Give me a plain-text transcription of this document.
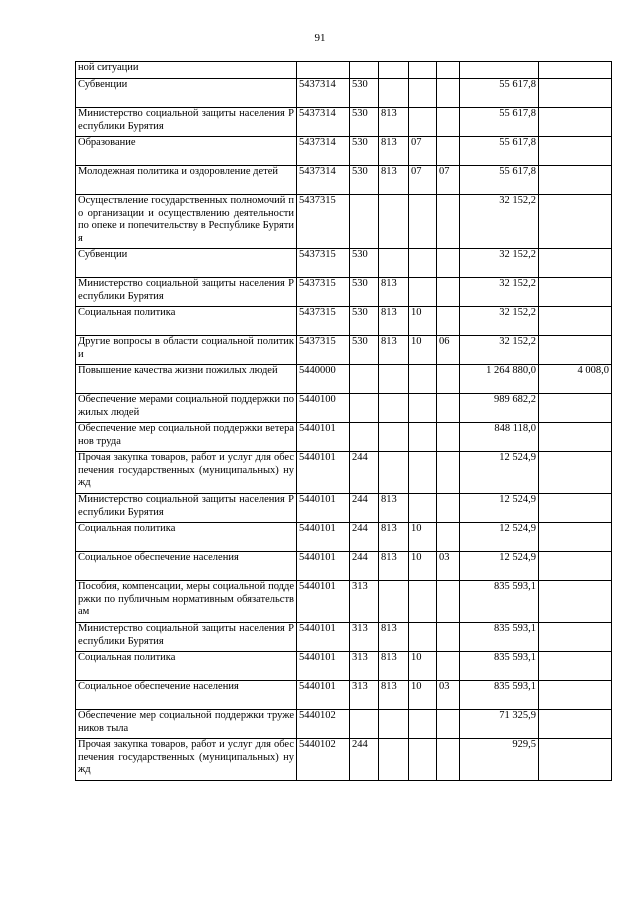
91
ной ситуации							
Субвенции	5437314	530				55 617,8	
Министерство социальной защиты населения Республики Бурятия	5437314	530	813			55 617,8	
Образование	5437314	530	813	07		55 617,8	
Молодежная политика и оздоровление детей	5437314	530	813	07	07	55 617,8	
Осуществление государственных полномочий по организации и осуществлению деятельности по опеке и попечительству в Республике Бурятия	5437315					32 152,2	
Субвенции	5437315	530				32 152,2	
Министерство социальной защиты населения Республики Бурятия	5437315	530	813			32 152,2	
Социальная политика	5437315	530	813	10		32 152,2	
Другие вопросы в области социальной политики	5437315	530	813	10	06	32 152,2	
Повышение качества жизни пожилых людей	5440000					1 264 880,0	4 008,0
Обеспечение мерами социальной поддержки пожилых людей	5440100					989 682,2	
Обеспечение мер социальной поддержки ветеранов труда	5440101					848 118,0	
Прочая закупка товаров, работ и услуг для обеспечения государственных (муниципальных) нужд	5440101	244				12 524,9	
Министерство социальной защиты населения Республики Бурятия	5440101	244	813			12 524,9	
Социальная политика	5440101	244	813	10		12 524,9	
Социальное обеспечение населения	5440101	244	813	10	03	12 524,9	
Пособия, компенсации, меры социальной поддержки по публичным нормативным обязательствам	5440101	313				835 593,1	
Министерство социальной защиты населения Республики Бурятия	5440101	313	813			835 593,1	
Социальная политика	5440101	313	813	10		835 593,1	
Социальное обеспечение населения	5440101	313	813	10	03	835 593,1	
Обеспечение мер социальной поддержки тружеников тыла	5440102					71 325,9	
Прочая закупка товаров, работ и услуг для обеспечения государственных (муниципальных) нужд	5440102	244				929,5	
